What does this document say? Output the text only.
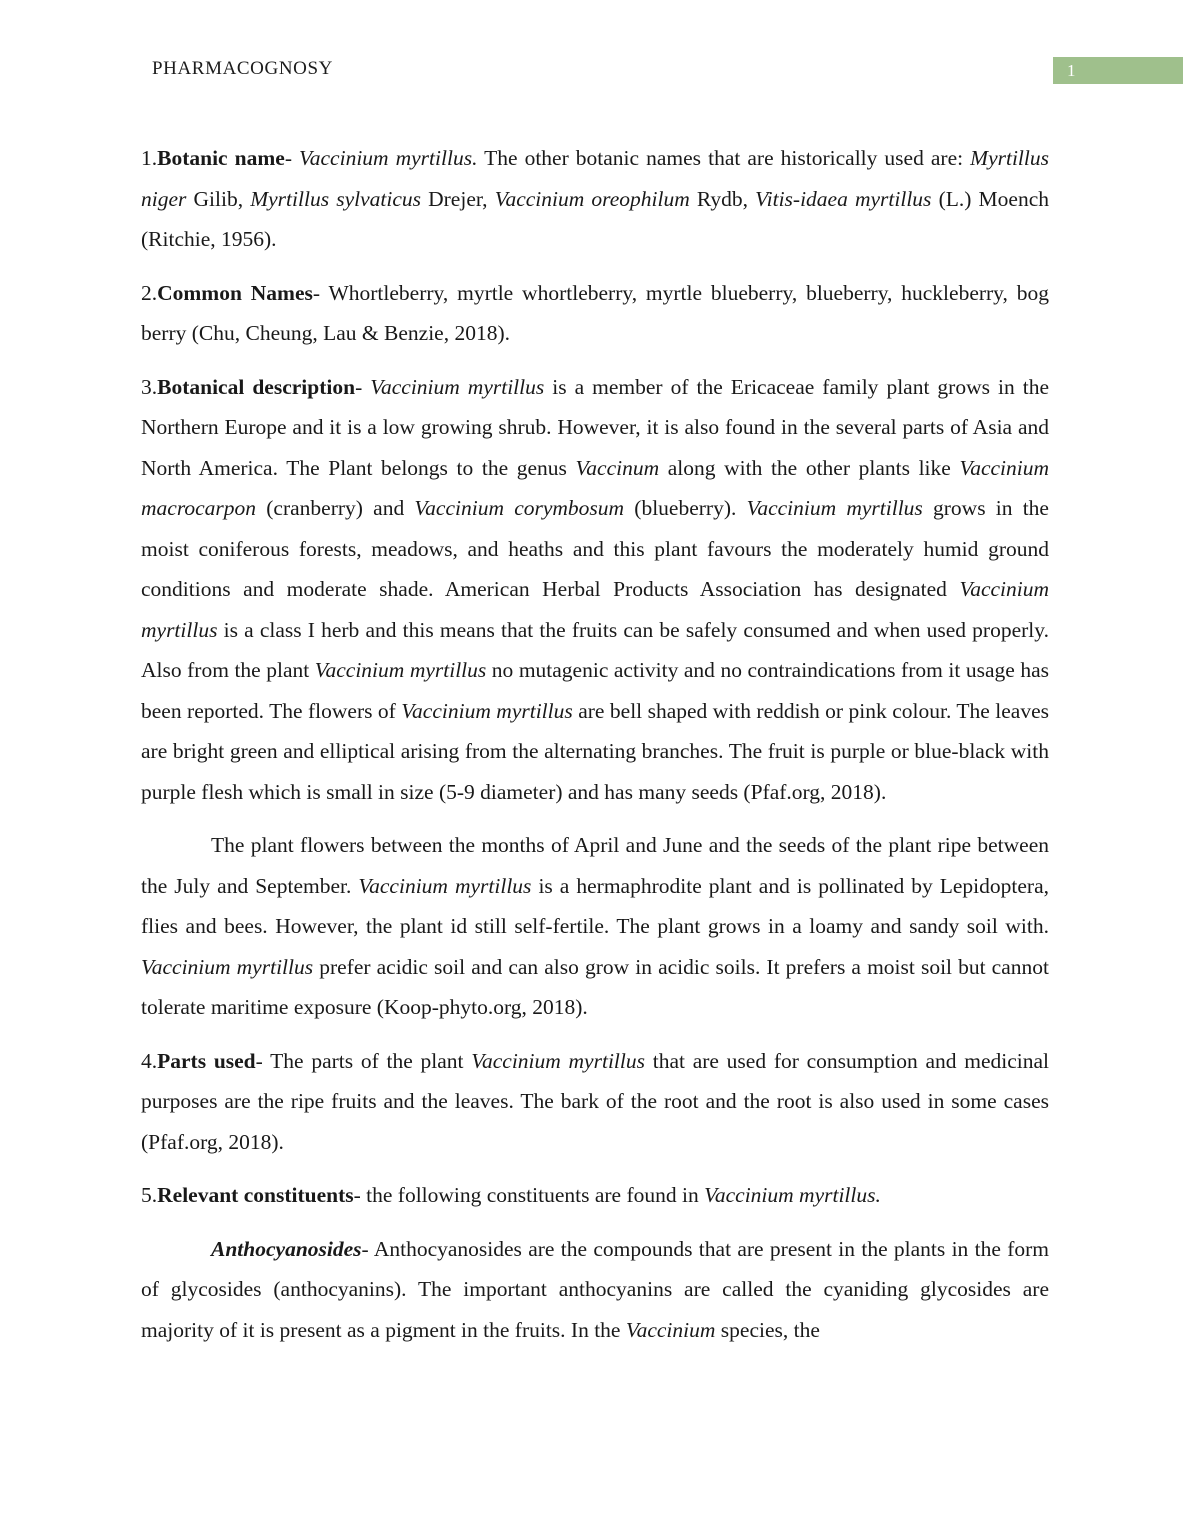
PHARMACOGNOSY	1

1.Botanic name- Vaccinium myrtillus. The other botanic names that are historically used are: Myrtillus niger Gilib, Myrtillus sylvaticus Drejer, Vaccinium oreophilum Rydb, Vitis-idaea myrtillus (L.) Moench (Ritchie, 1956).

2.Common Names- Whortleberry, myrtle whortleberry, myrtle blueberry, blueberry, huckleberry, bog berry (Chu, Cheung, Lau & Benzie, 2018).

3.Botanical description- Vaccinium myrtillus is a member of the Ericaceae family plant grows in the Northern Europe and it is a low growing shrub. However, it is also found in the several parts of Asia and North America. The Plant belongs to the genus Vaccinum along with the other plants like Vaccinium macrocarpon (cranberry) and Vaccinium corymbosum (blueberry). Vaccinium myrtillus grows in the moist coniferous forests, meadows, and heaths and this plant favours the moderately humid ground conditions and moderate shade. American Herbal Products Association has designated Vaccinium myrtillus is a class I herb and this means that the fruits can be safely consumed and when used properly. Also from the plant Vaccinium myrtillus no mutagenic activity and no contraindications from it usage has been reported. The flowers of Vaccinium myrtillus are bell shaped with reddish or pink colour. The leaves are bright green and elliptical arising from the alternating branches. The fruit is purple or blue-black with purple flesh which is small in size (5-9 diameter) and has many seeds (Pfaf.org, 2018).

The plant flowers between the months of April and June and the seeds of the plant ripe between the July and September. Vaccinium myrtillus is a hermaphrodite plant and is pollinated by Lepidoptera, flies and bees. However, the plant id still self-fertile. The plant grows in a loamy and sandy soil with. Vaccinium myrtillus prefer acidic soil and can also grow in acidic soils. It prefers a moist soil but cannot tolerate maritime exposure (Koop-phyto.org, 2018).

4.Parts used- The parts of the plant Vaccinium myrtillus that are used for consumption and medicinal purposes are the ripe fruits and the leaves. The bark of the root and the root is also used in some cases (Pfaf.org, 2018).

5.Relevant constituents- the following constituents are found in Vaccinium myrtillus.

Anthocyanosides- Anthocyanosides are the compounds that are present in the plants in the form of glycosides (anthocyanins). The important anthocyanins are called the cyaniding glycosides are majority of it is present as a pigment in the fruits. In the Vaccinium species, the
